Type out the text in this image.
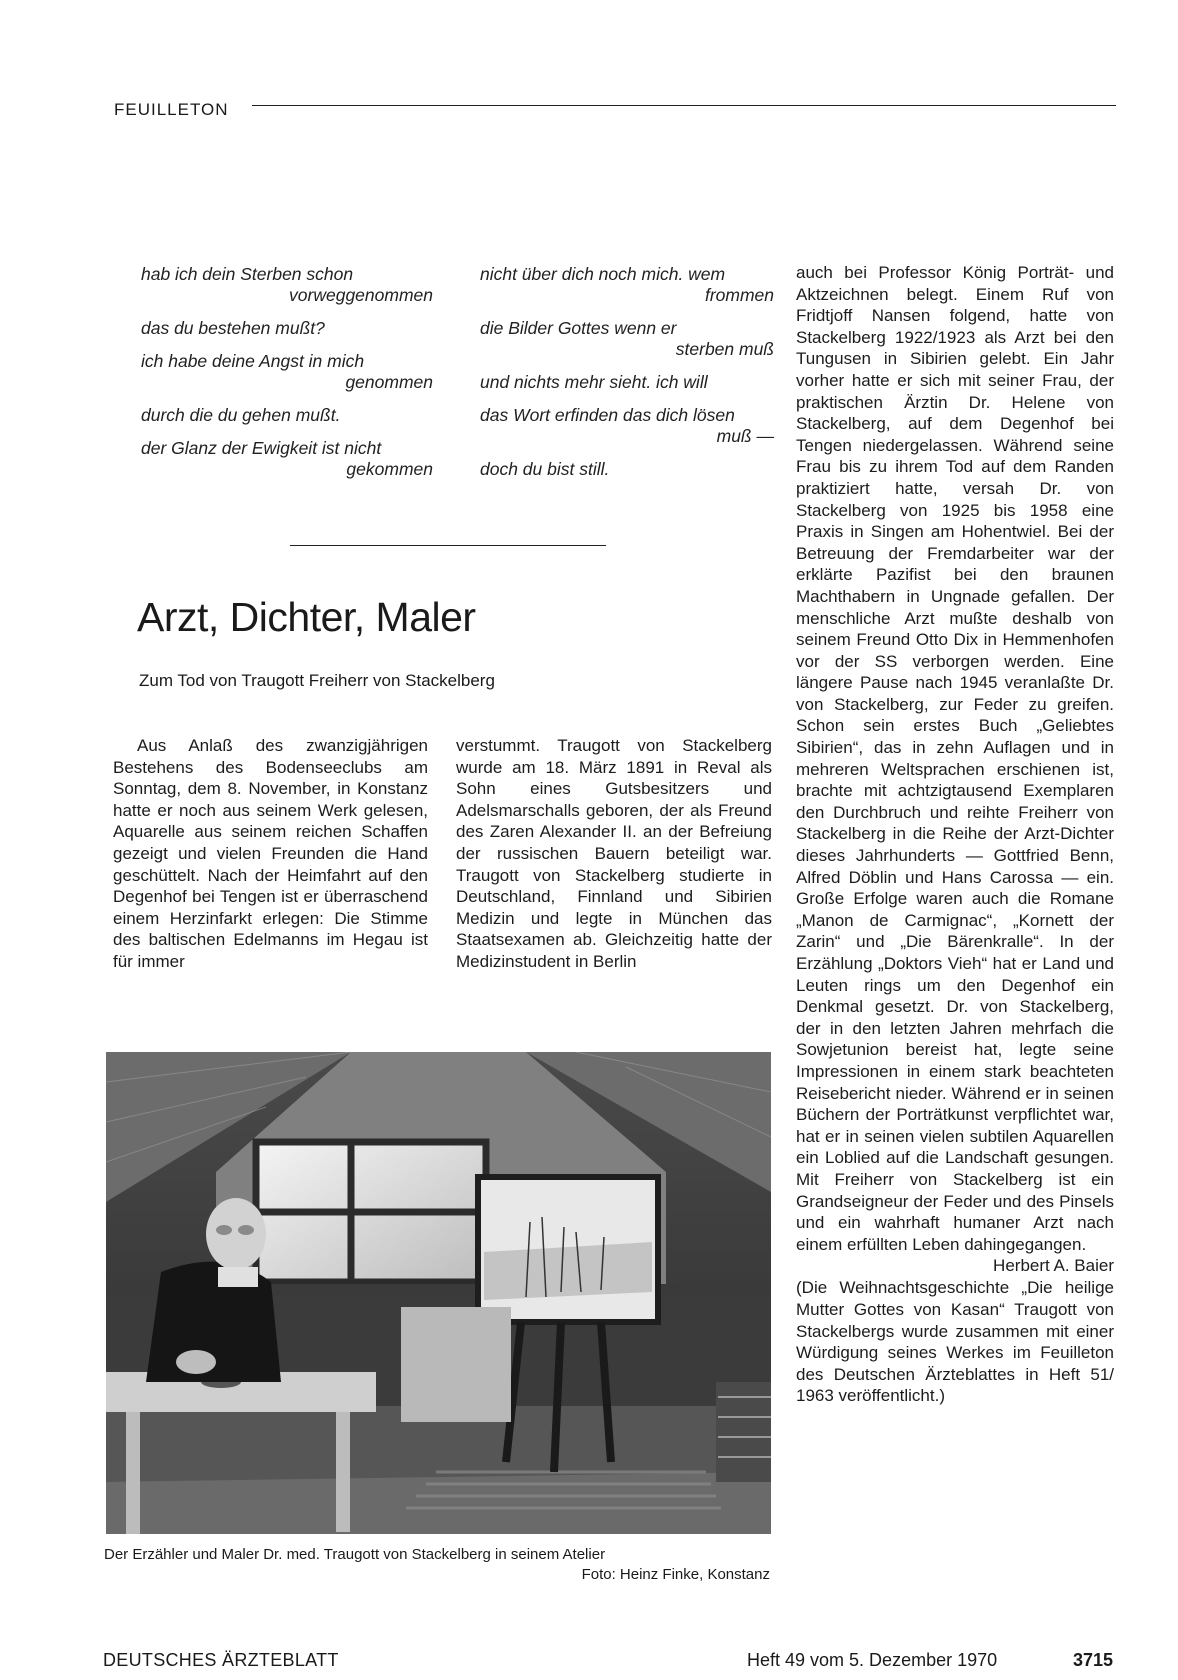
FEUILLETON
hab ich dein Sterben schon
vorweggenommen
das du bestehen mußt?
ich habe deine Angst in mich
genommen
durch die du gehen mußt.
der Glanz der Ewigkeit ist nicht
gekommen
nicht über dich noch mich. wem
frommen
die Bilder Gottes wenn er
sterben muß
und nichts mehr sieht. ich will
das Wort erfinden das dich lösen
muß —
doch du bist still.
Arzt, Dichter, Maler
Zum Tod von Traugott Freiherr von Stackelberg
Aus Anlaß des zwanzigjährigen Bestehens des Bodenseeclubs am Sonntag, dem 8. November, in Konstanz hatte er noch aus seinem Werk gelesen, Aquarelle aus seinem reichen Schaffen gezeigt und vielen Freunden die Hand geschüttelt. Nach der Heimfahrt auf den Degenhof bei Tengen ist er überraschend einem Herzinfarkt erlegen: Die Stimme des baltischen Edelmanns im Hegau ist für immer
verstummt. Traugott von Stackelberg wurde am 18. März 1891 in Reval als Sohn eines Gutsbesitzers und Adelsmarschalls geboren, der als Freund des Zaren Alexander II. an der Befreiung der russischen Bauern beteiligt war. Traugott von Stackelberg studierte in Deutschland, Finnland und Sibirien Medizin und legte in München das Staatsexamen ab. Gleichzeitig hatte der Medizinstudent in Berlin

auch bei Professor König Porträt- und Aktzeichnen belegt. Einem Ruf von Fridtjoff Nansen folgend, hatte von Stackelberg 1922/1923 als Arzt bei den Tungusen in Sibirien gelebt. Ein Jahr vorher hatte er sich mit seiner Frau, der praktischen Ärztin Dr. Helene von Stackelberg, auf dem Degenhof bei Tengen niedergelassen. Während seine Frau bis zu ihrem Tod auf dem Randen praktiziert hatte, versah Dr. von Stackelberg von 1925 bis 1958 eine Praxis in Singen am Hohentwiel. Bei der Betreuung der Fremdarbeiter war der erklärte Pazifist bei den braunen Machthabern in Ungnade gefallen. Der menschliche Arzt mußte deshalb von seinem Freund Otto Dix in Hemmenhofen vor der SS verborgen werden. Eine längere Pause nach 1945 veranlaßte Dr. von Stackelberg, zur Feder zu greifen. Schon sein erstes Buch „Geliebtes Sibirien“, das in zehn Auflagen und in mehreren Weltsprachen erschienen ist, brachte mit achtzigtausend Exemplaren den Durchbruch und reihte Freiherr von Stackelberg in die Reihe der Arzt-Dichter dieses Jahrhunderts — Gottfried Benn, Alfred Döblin und Hans Carossa — ein. Große Erfolge waren auch die Romane „Manon de Carmignac“, „Kornett der Zarin“ und „Die Bärenkralle“. In der Erzählung „Doktors Vieh“ hat er Land und Leuten rings um den Degenhof ein Denkmal gesetzt. Dr. von Stackelberg, der in den letzten Jahren mehrfach die Sowjetunion bereist hat, legte seine Impressionen in einem stark beachteten Reisebericht nieder. Während er in seinen Büchern der Porträtkunst verpflichtet war, hat er in seinen vielen subtilen Aquarellen ein Loblied auf die Landschaft gesungen. Mit Freiherr von Stackelberg ist ein Grandseigneur der Feder und des Pinsels und ein wahrhaft humaner Arzt nach einem erfüllten Leben dahingegangen.
Herbert A. Baier

(Die Weihnachtsgeschichte „Die heilige Mutter Gottes von Kasan“ Traugott von Stackelbergs wurde zusammen mit einer Würdigung seines Werkes im Feuilleton des Deutschen Ärzteblattes in Heft 51/ 1963 veröffentlicht.)

Der Erzähler und Maler Dr. med. Traugott von Stackelberg in seinem Atelier
Foto: Heinz Finke, Konstanz
DEUTSCHES ÄRZTEBLATT	Heft 49 vom 5. Dezember 1970	3715
